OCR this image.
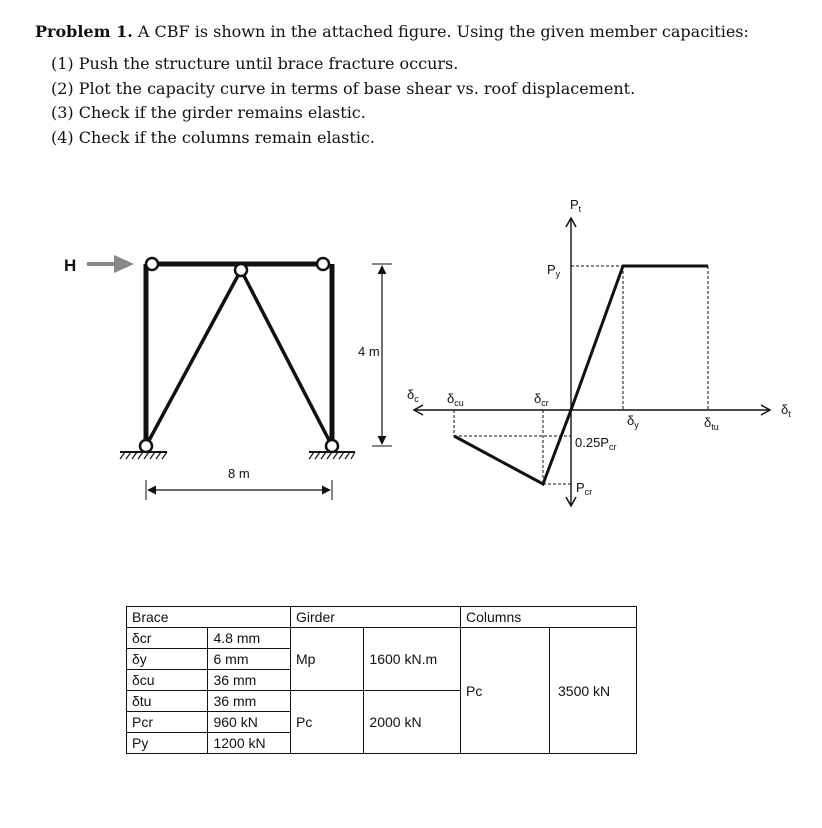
Problem 1. A CBF is shown in the attached figure. Using the given member capacities:
(1) Push the structure until brace fracture occurs.
(2) Plot the capacity curve in terms of base shear vs. roof displacement.
(3) Check if the girder remains elastic.
(4) Check if the columns remain elastic.
H
4 m
8 m
$P_t$
$P_y$
$\delta_t$
$\delta_c$ $\delta_{cu}$	$\delta_{cr}$
$\delta_y$	$\delta_{tu}$
$0.25P_{cr}$
$P_{cr}$
Brace		Girder		Columns	
δcr	4.8 mm	Mp	1600 kN.m	Pc	3500 kN
δy	6 mm				
δcu	36 mm				
δtu	36 mm	Pc	2000 kN		
Pcr	960 kN				
Py	1200 kN				
